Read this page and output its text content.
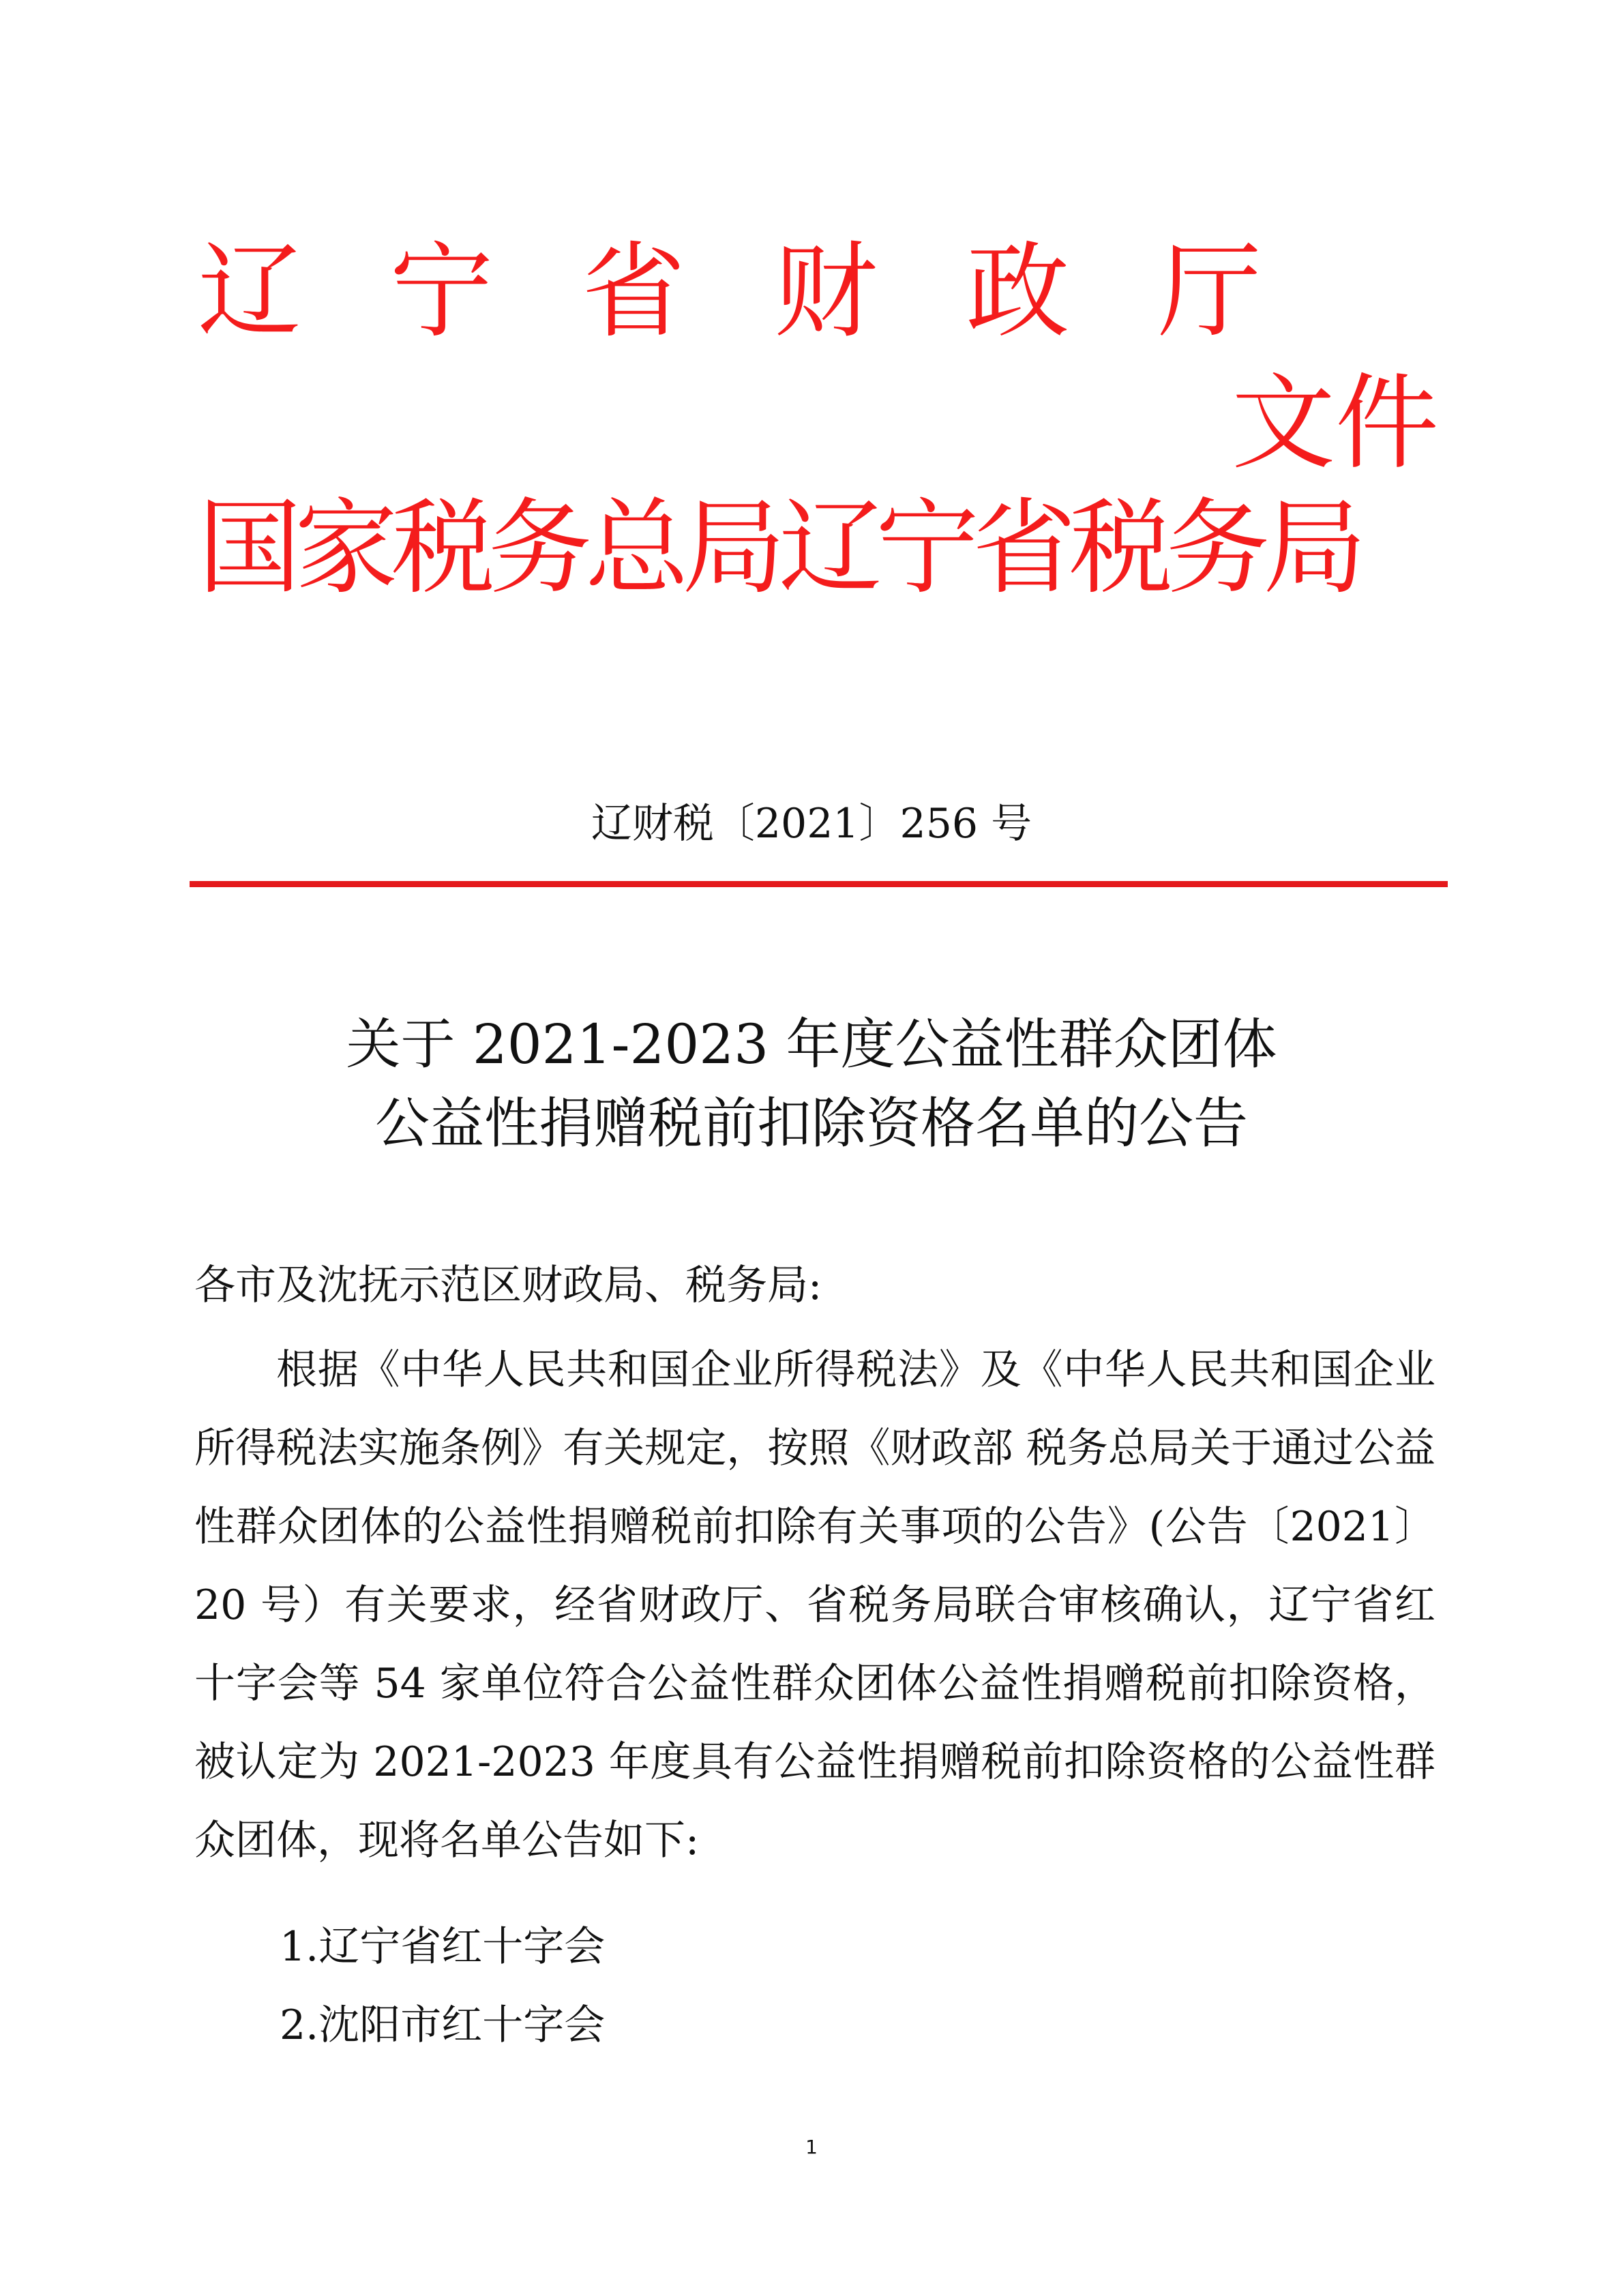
辽 宁 省 财 政 厅
文件
国家税务总局辽宁省税务局
辽财税〔2021〕256 号
关于 2021-2023 年度公益性群众团体
公益性捐赠税前扣除资格名单的公告
各市及沈抚示范区财政局、税务局:

根据《中华人民共和国企业所得税法》及《中华人民共和国企业所得税法实施条例》有关规定，按照《财政部 税务总局关于通过公益性群众团体的公益性捐赠税前扣除有关事项的公告》(公告〔2021〕20 号）有关要求，经省财政厅、省税务局联合审核确认，辽宁省红十字会等 54 家单位符合公益性群众团体公益性捐赠税前扣除资格，被认定为 2021-2023 年度具有公益性捐赠税前扣除资格的公益性群众团体，现将名单公告如下:

1.辽宁省红十字会
2.沈阳市红十字会
1
